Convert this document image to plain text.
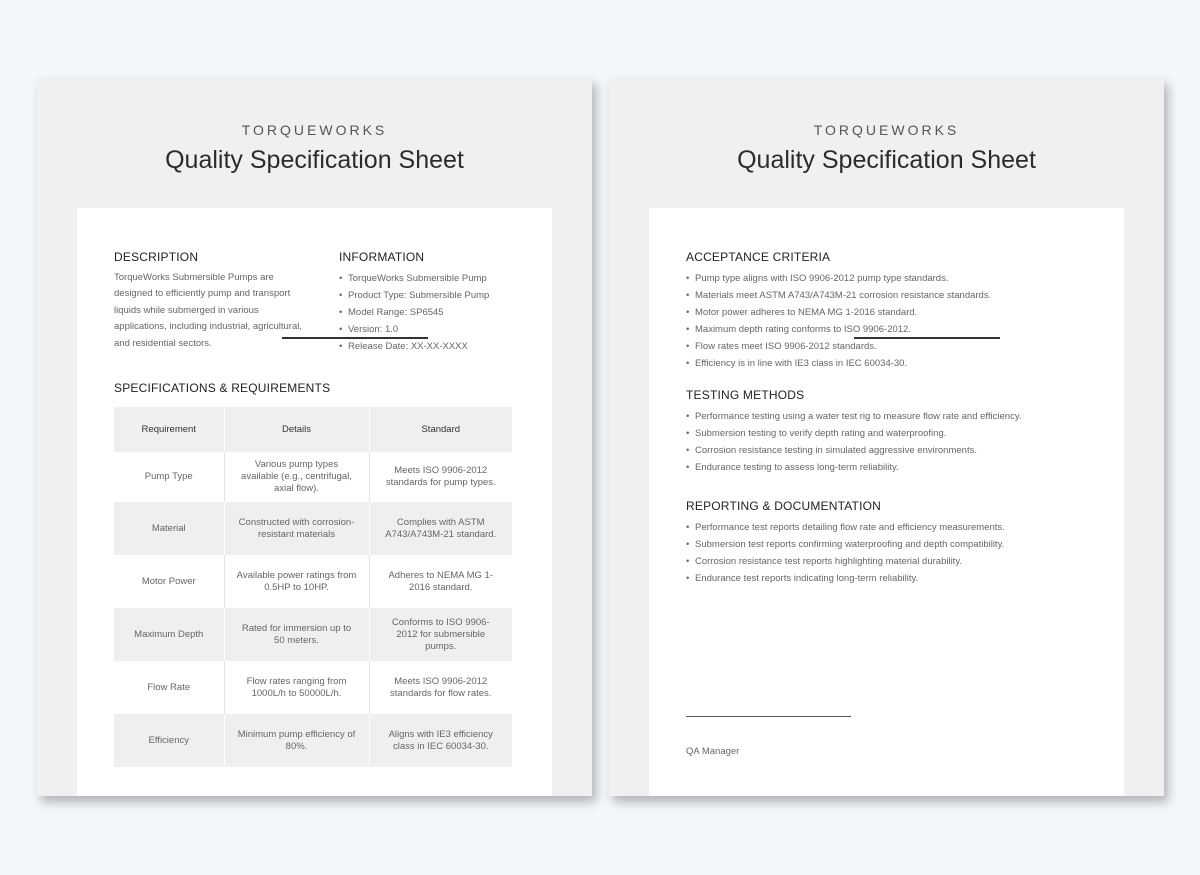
TORQUEWORKS
Quality Specification Sheet
DESCRIPTION
TorqueWorks Submersible Pumps are
designed to efficiently pump and transport
liquids while submerged in various
applications, including industrial, agricultural,
and residential sectors.
INFORMATION
• TorqueWorks Submersible Pump
• Product Type: Submersible Pump
• Model Range: SP6545
• Version: 1.0
• Release Date: XX-XX-XXXX
SPECIFICATIONS & REQUIREMENTS
Requirement	Details	Standard
Pump Type	Various pump types available (e.g., centrifugal, axial flow).	Meets ISO 9906-2012 standards for pump types.
Material	Constructed with corrosion-resistant materials	Complies with ASTM A743/A743M-21 standard.
Motor Power	Available power ratings from 0.5HP to 10HP.	Adheres to NEMA MG 1-2016 standard.
Maximum Depth	Rated for immersion up to 50 meters.	Conforms to ISO 9906-2012 for submersible pumps.
Flow Rate	Flow rates ranging from 1000L/h to 50000L/h.	Meets ISO 9906-2012 standards for flow rates.
Efficiency	Minimum pump efficiency of 80%.	Aligns with IE3 efficiency class in IEC 60034-30.
TORQUEWORKS
Quality Specification Sheet
ACCEPTANCE CRITERIA
• Pump type aligns with ISO 9906-2012 pump type standards.
• Materials meet ASTM A743/A743M-21 corrosion resistance standards.
• Motor power adheres to NEMA MG 1-2016 standard.
• Maximum depth rating conforms to ISO 9906-2012.
• Flow rates meet ISO 9906-2012 standards.
• Efficiency is in line with IE3 class in IEC 60034-30.
TESTING METHODS
• Performance testing using a water test rig to measure flow rate and efficiency.
• Submersion testing to verify depth rating and waterproofing.
• Corrosion resistance testing in simulated aggressive environments.
• Endurance testing to assess long-term reliability.
REPORTING & DOCUMENTATION
• Performance test reports detailing flow rate and efficiency measurements.
• Submersion test reports confirming waterproofing and depth compatibility.
• Corrosion resistance test reports highlighting material durability.
• Endurance test reports indicating long-term reliability.
QA Manager
